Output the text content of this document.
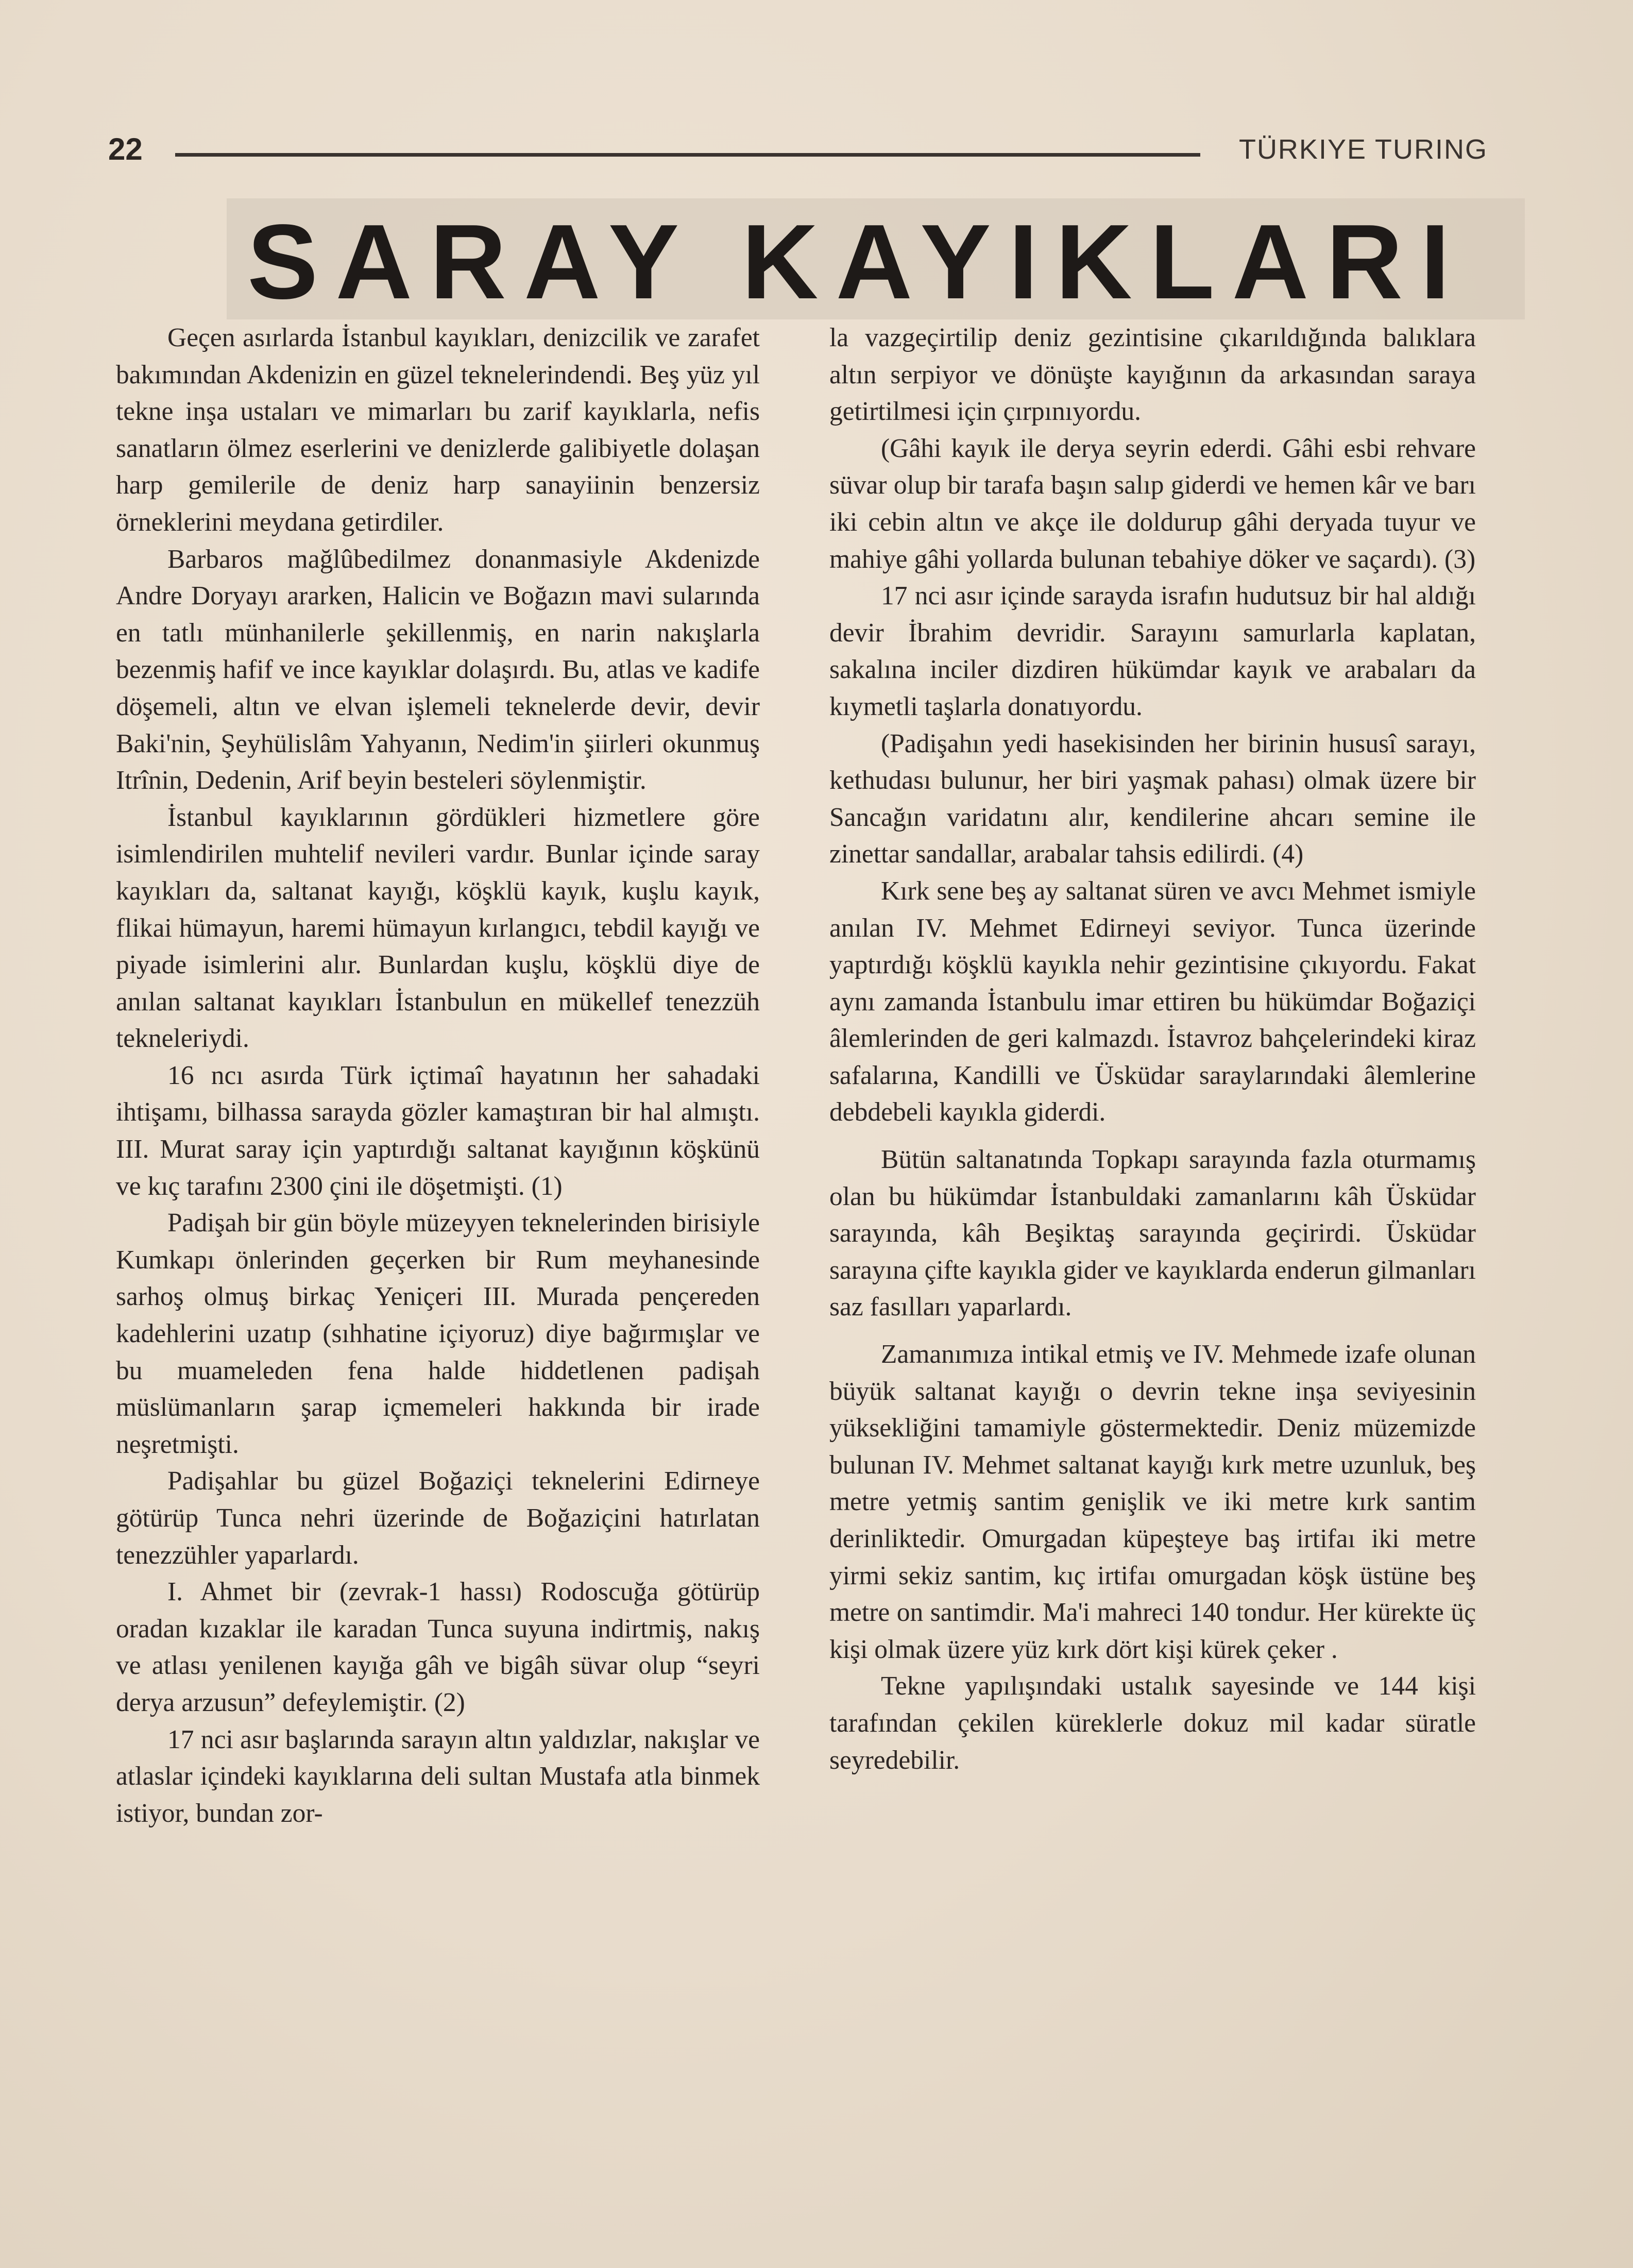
22	TÜRKIYE TURING
SARAY KAYIKLARI

Geçen asırlarda İstanbul kayıkları, denizcilik ve zarafet bakımından Akdenizin en güzel teknelerindendi. Beş yüz yıl tekne inşa ustaları ve mimarları bu zarif kayıklarla, nefis sanatların ölmez eserlerini ve denizlerde galibiyetle dolaşan harp gemilerile de deniz harp sanayiinin benzersiz örneklerini meydana getirdiler.

Barbaros mağlûbedilmez donanmasiyle Akdenizde Andre Doryayı ararken, Halicin ve Boğazın mavi sularında en tatlı münhanilerle şekillenmiş, en narin nakışlarla bezenmiş hafif ve ince kayıklar dolaşırdı. Bu, atlas ve kadife döşemeli, altın ve elvan işlemeli teknelerde devir, devir Baki'nin, Şeyhülislâm Yahyanın, Nedim'in şiirleri okunmuş Itrînin, Dedenin, Arif beyin besteleri söylenmiştir.

İstanbul kayıklarının gördükleri hizmetlere göre isimlendirilen muhtelif nevileri vardır. Bunlar içinde saray kayıkları da, saltanat kayığı, köşklü kayık, kuşlu kayık, flikai hümayun, haremi hümayun kırlangıcı, tebdil kayığı ve piyade isimlerini alır. Bunlardan kuşlu, köşklü diye de anılan saltanat kayıkları İstanbulun en mükellef tenezzüh tekneleriydi.

16 ncı asırda Türk içtimaî hayatının her sahadaki ihtişamı, bilhassa sarayda gözler kamaştıran bir hal almıştı. III. Murat saray için yaptırdığı saltanat kayığının köşkünü ve kıç tarafını 2300 çini ile döşetmişti. (1)

Padişah bir gün böyle müzeyyen teknelerinden birisiyle Kumkapı önlerinden geçerken bir Rum meyhanesinde sarhoş olmuş birkaç Yeniçeri III. Murada pençereden kadehlerini uzatıp (sıhhatine içiyoruz) diye bağırmışlar ve bu muameleden fena halde hiddetlenen padişah müslümanların şarap içmemeleri hakkında bir irade neşretmişti.

Padişahlar bu güzel Boğaziçi teknelerini Edirneye götürüp Tunca nehri üzerinde de Boğaziçini hatırlatan tenezzühler yaparlardı.

I. Ahmet bir (zevrak-1 hassı) Rodoscuğa götürüp oradan kızaklar ile karadan Tunca suyuna indirtmiş, nakış ve atlası yenilenen kayığa gâh ve bigâh süvar olup “seyri derya arzusun” defeylemiştir. (2)

17 nci asır başlarında sarayın altın yaldızlar, nakışlar ve atlaslar içindeki kayıklarına deli sultan Mustafa atla binmek istiyor, bundan zor-

la vazgeçirtilip deniz gezintisine çıkarıldığında balıklara altın serpiyor ve dönüşte kayığının da arkasından saraya getirtilmesi için çırpınıyordu.

(Gâhi kayık ile derya seyrin ederdi. Gâhi esbi rehvare süvar olup bir tarafa başın salıp giderdi ve hemen kâr ve barı iki cebin altın ve akçe ile doldurup gâhi deryada tuyur ve mahiye gâhi yollarda bulunan tebahiye döker ve saçardı). (3)

17 nci asır içinde sarayda israfın hudutsuz bir hal aldığı devir İbrahim devridir. Sarayını samurlarla kaplatan, sakalına inciler dizdiren hükümdar kayık ve arabaları da kıymetli taşlarla donatıyordu.

(Padişahın yedi hasekisinden her birinin hususî sarayı, kethudası bulunur, her biri yaşmak pahası) olmak üzere bir Sancağın varidatını alır, kendilerine ahcarı semine ile zinettar sandallar, arabalar tahsis edilirdi. (4)

Kırk sene beş ay saltanat süren ve avcı Mehmet ismiyle anılan IV. Mehmet Edirneyi seviyor. Tunca üzerinde yaptırdığı köşklü kayıkla nehir gezintisine çıkıyordu. Fakat aynı zamanda İstanbulu imar ettiren bu hükümdar Boğaziçi âlemlerinden de geri kalmazdı. İstavroz bahçelerindeki kiraz safalarına, Kandilli ve Üsküdar saraylarındaki âlemlerine debdebeli kayıkla giderdi.

Bütün saltanatında Topkapı sarayında fazla oturmamış olan bu hükümdar İstanbuldaki zamanlarını kâh Üsküdar sarayında, kâh Beşiktaş sarayında geçirirdi. Üsküdar sarayına çifte kayıkla gider ve kayıklarda enderun gilmanları saz fasılları yaparlardı.

Zamanımıza intikal etmiş ve IV. Mehmede izafe olunan büyük saltanat kayığı o devrin tekne inşa seviyesinin yüksekliğini tamamiyle göstermektedir. Deniz müzemizde bulunan IV. Mehmet saltanat kayığı kırk metre uzunluk, beş metre yetmiş santim genişlik ve iki metre kırk santim derinliktedir. Omurgadan küpeşteye baş irtifaı iki metre yirmi sekiz santim, kıç irtifaı omurgadan köşk üstüne beş metre on santimdir. Ma'i mahreci 140 tondur. Her kürekte üç kişi olmak üzere yüz kırk dört kişi kürek çeker .

Tekne yapılışındaki ustalık sayesinde ve 144 kişi tarafından çekilen küreklerle dokuz mil kadar süratle seyredebilir.
